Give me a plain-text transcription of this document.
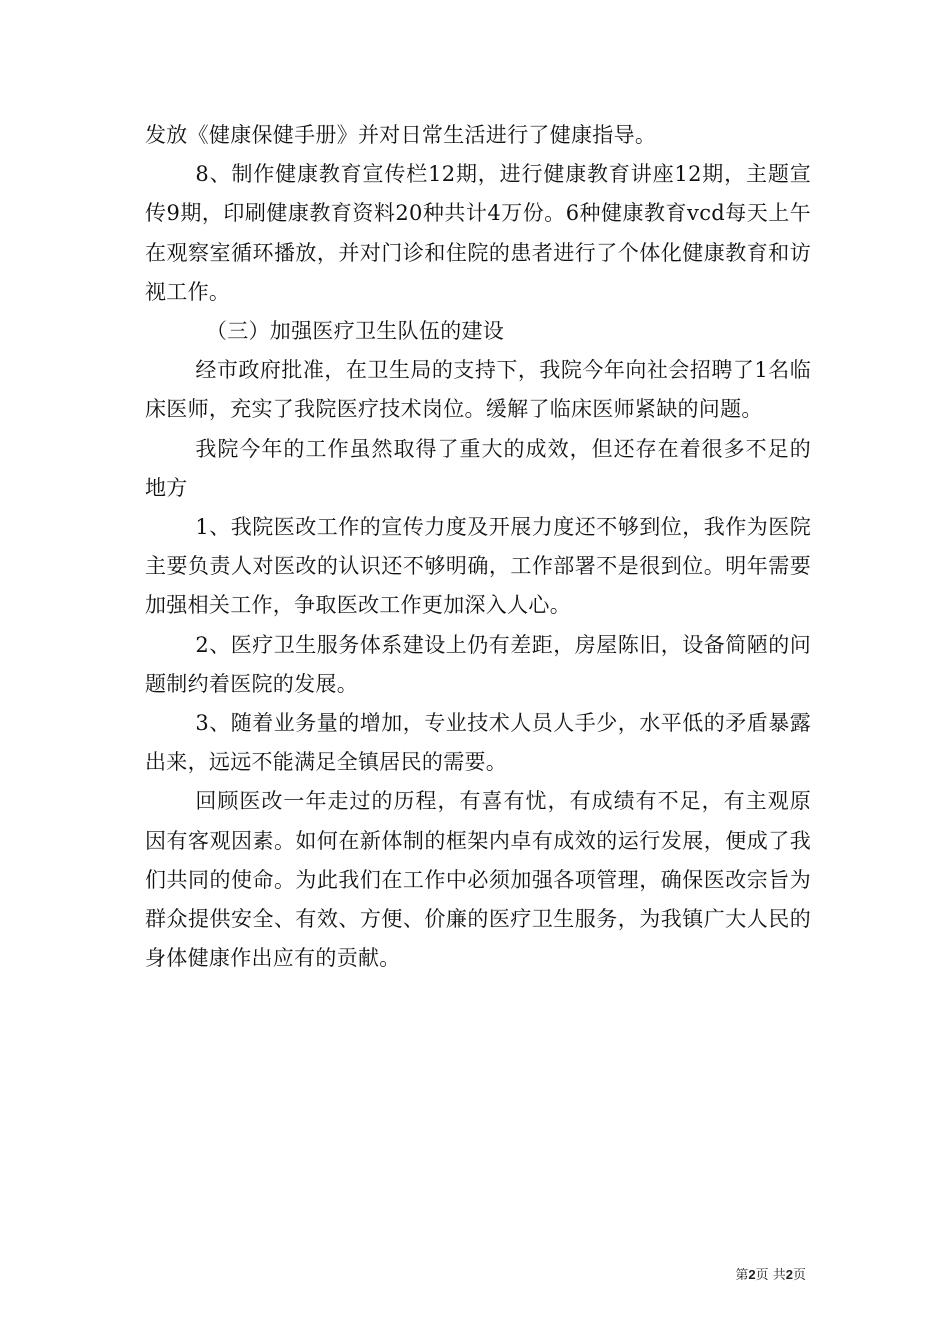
发放《健康保健手册》并对日常生活进行了健康指导。

8、制作健康教育宣传栏12期，进行健康教育讲座12期，主题宣传9期，印刷健康教育资料20种共计4万份。6种健康教育vcd每天上午在观察室循环播放，并对门诊和住院的患者进行了个体化健康教育和访视工作。

（三）加强医疗卫生队伍的建设

经市政府批准，在卫生局的支持下，我院今年向社会招聘了1名临床医师，充实了我院医疗技术岗位。缓解了临床医师紧缺的问题。

我院今年的工作虽然取得了重大的成效，但还存在着很多不足的地方

1、我院医改工作的宣传力度及开展力度还不够到位，我作为医院主要负责人对医改的认识还不够明确，工作部署不是很到位。明年需要加强相关工作，争取医改工作更加深入人心。

2、医疗卫生服务体系建设上仍有差距，房屋陈旧，设备简陋的问题制约着医院的发展。

3、随着业务量的增加，专业技术人员人手少，水平低的矛盾暴露出来，远远不能满足全镇居民的需要。

回顾医改一年走过的历程，有喜有忧，有成绩有不足，有主观原因有客观因素。如何在新体制的框架内卓有成效的运行发展，便成了我们共同的使命。为此我们在工作中必须加强各项管理，确保医改宗旨为群众提供安全、有效、方便、价廉的医疗卫生服务，为我镇广大人民的身体健康作出应有的贡献。

第2页 共2页
